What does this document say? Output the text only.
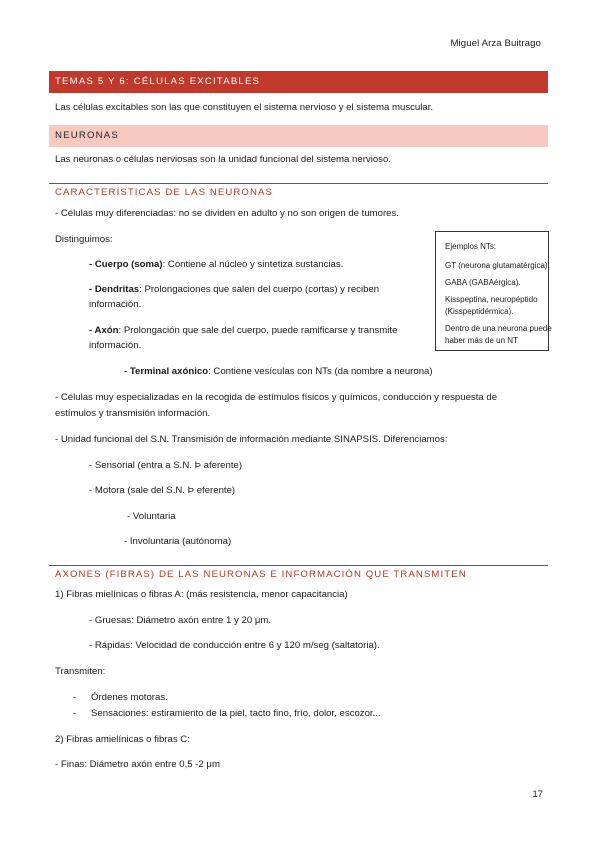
Miguel Arza Buitrago
TEMAS 5 Y 6: CÉLULAS EXCITABLES
Las células excitables son las que constituyen el sistema nervioso y el sistema muscular.
NEURONAS
Las neuronas o células nerviosas son la unidad funcional del sistema nervioso.
CARACTERÍSTICAS DE LAS NEURONAS
- Células muy diferenciadas: no se dividen en adulto y no son origen de tumores.
Distinguimos:
- Cuerpo (soma): Contiene al núcleo y sintetiza sustancias.
- Dendritas: Prolongaciones que salen del cuerpo (cortas) y reciben
información.
- Axón: Prolongación que sale del cuerpo, puede ramificarse y transmite
información.
- Terminal axónico: Contiene vesículas con NTs (da nombre a neurona)
- Células muy especializadas en la recogida de estímulos físicos y químicos, conducción y respuesta de
estímulos y transmisión información.
- Unidad funcional del S.N. Transmisión de información mediante SINAPSIS. Diferenciamos:
- Sensorial (entra a S.N. Þ aferente)
- Motora (sale del S.N. Þ eferente)
- Voluntaria
- Involuntaria (autónoma)
Ejemplos NTs:
GT (neurona glutamatérgica).
GABA (GABAérgica).
Kisspeptina, neuropéptido
(Kisspeptidérmica).
Dentro de una neurona puede
haber más de un NT
AXONES (FIBRAS) DE LAS NEURONAS E INFORMACIÓN QUE TRANSMITEN
1) Fibras mielínicas o fibras A: (más resistencia, menor capacitancia)
- Gruesas: Diámetro axón entre 1 y 20 μm.
- Rápidas: Velocidad de conducción entre 6 y 120 m/seg (saltatoria).
Transmiten:
- Órdenes motoras.
- Sensaciones: estiramiento de la piel, tacto fino, frío, dolor, escozor...
2) Fibras amielínicas o fibras C:
- Finas: Diámetro axón entre 0,5 -2 μm
17
